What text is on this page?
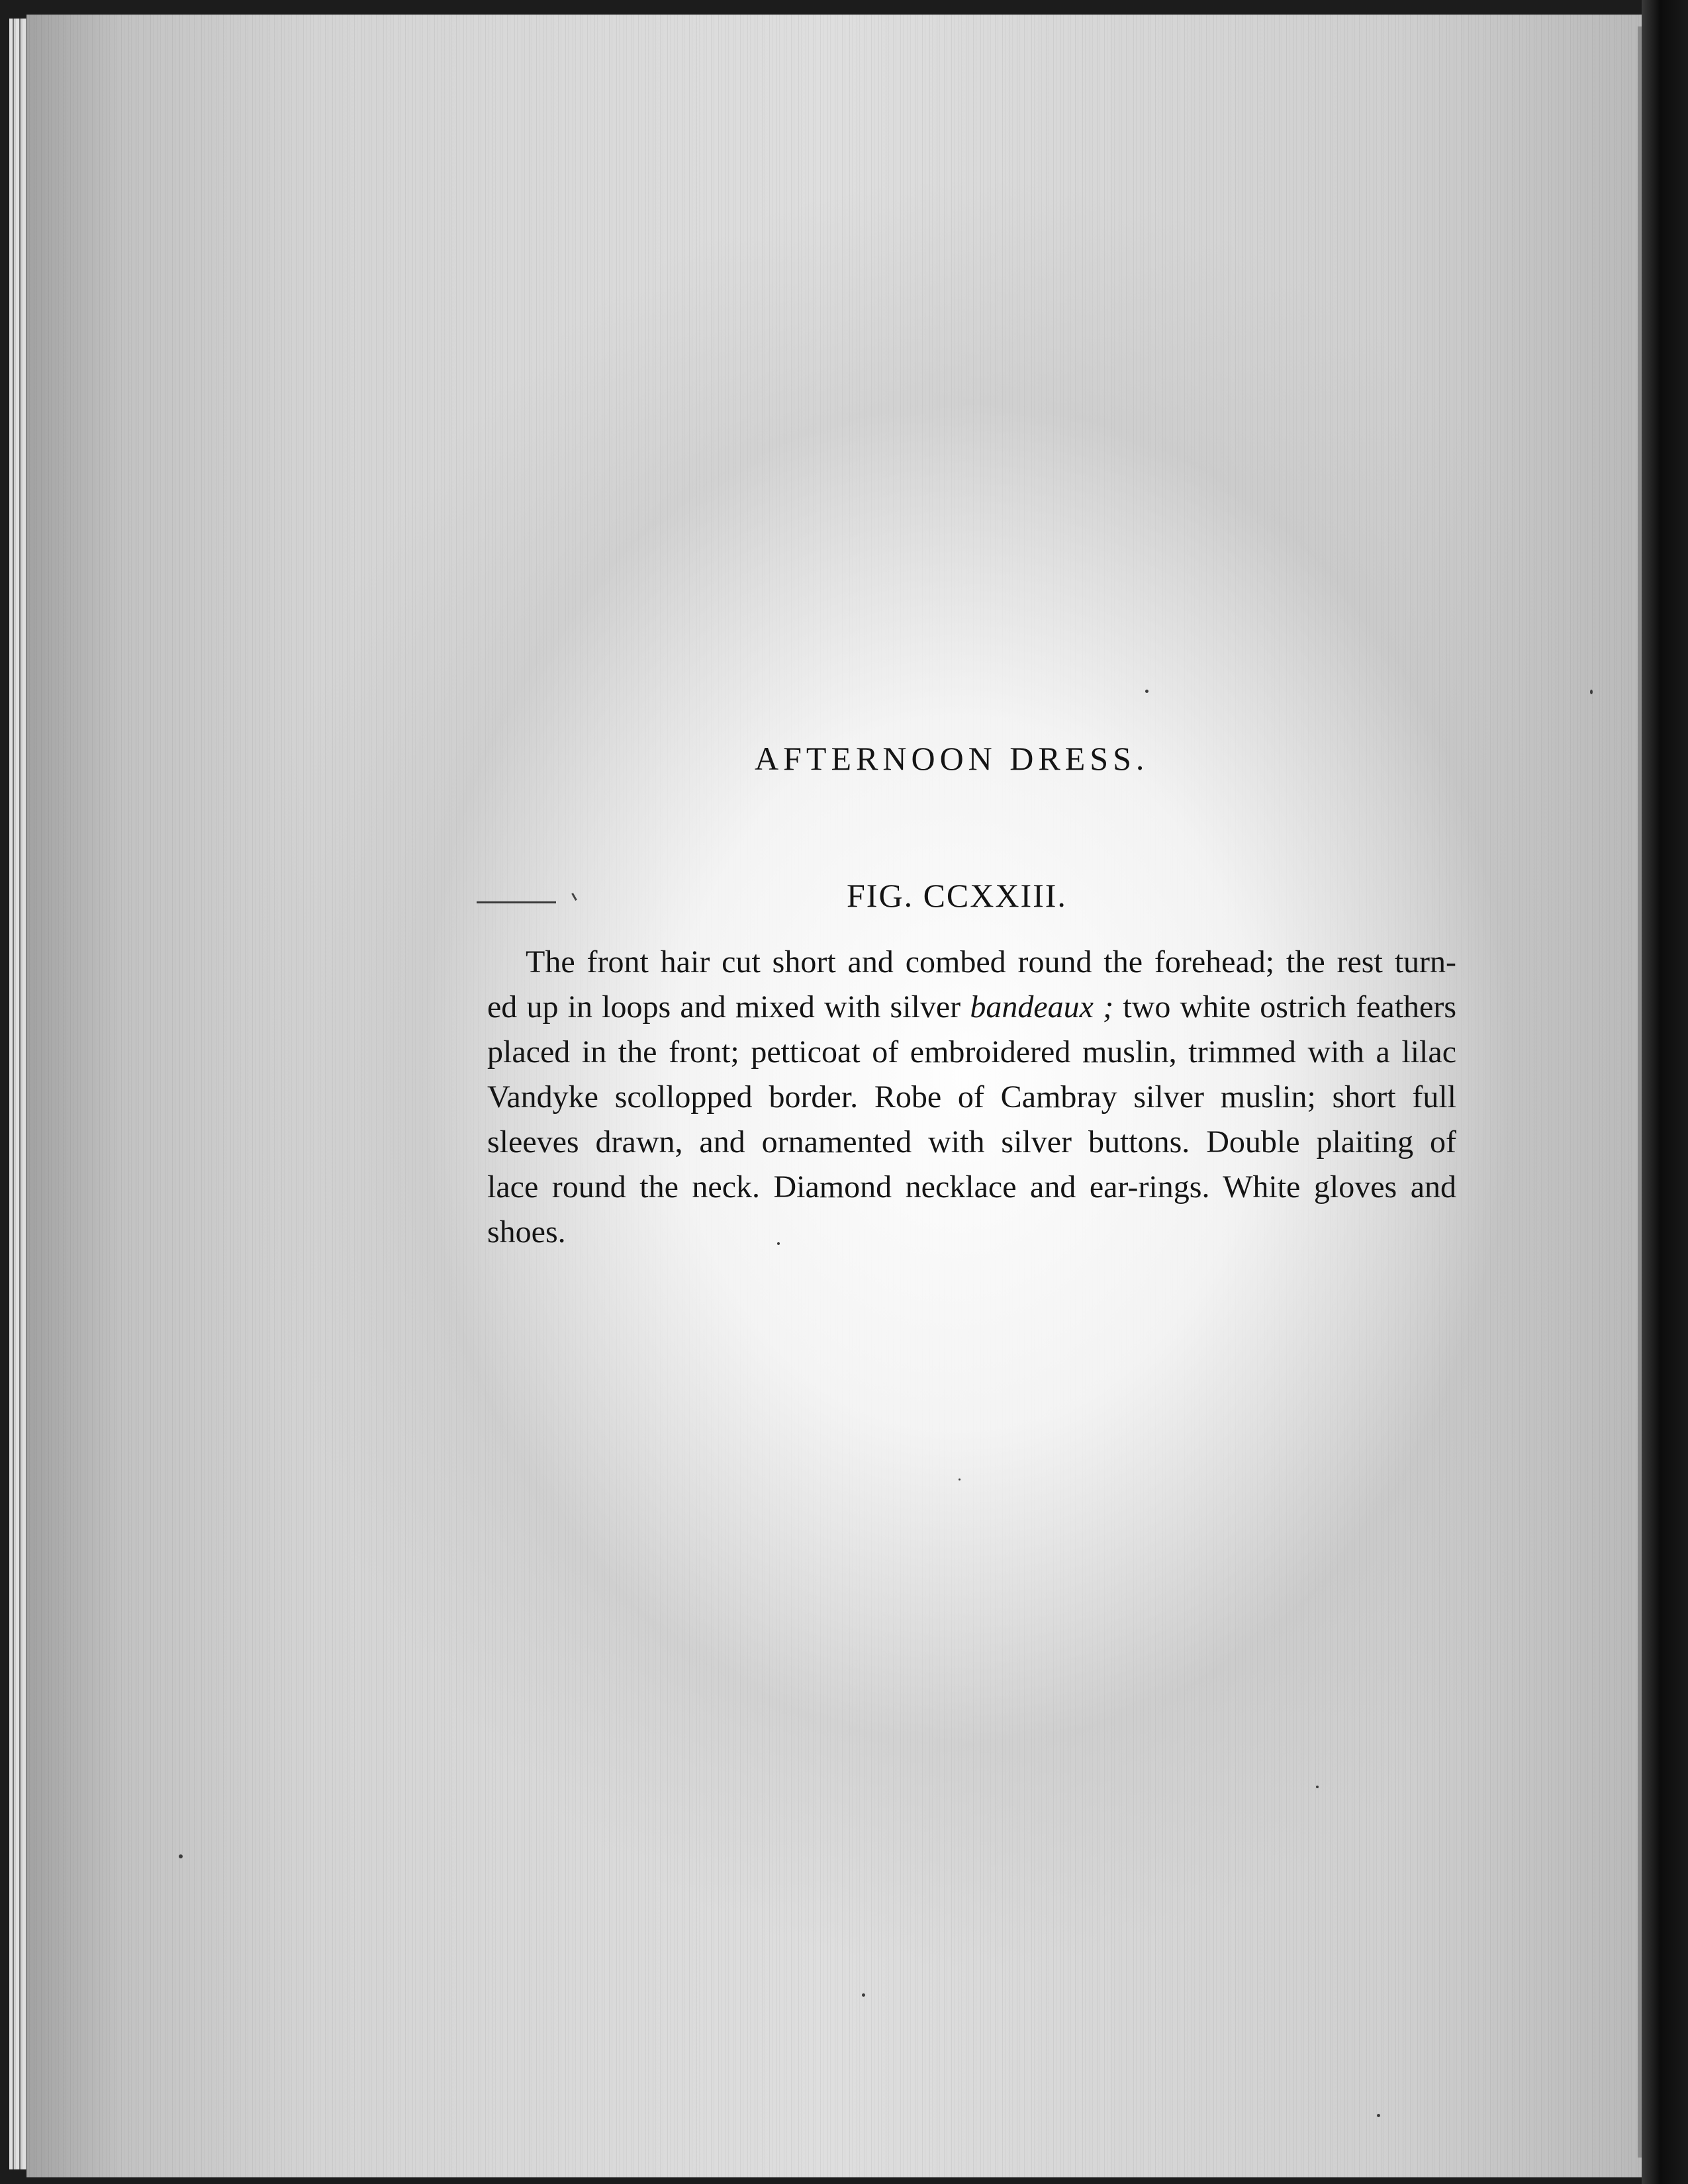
AFTERNOON DRESS.
FIG. CCXXIII.

The front hair cut short and combed round the forehead; the rest turn-
ed up in loops and mixed with silver bandeaux ; two white ostrich feathers
placed in the front; petticoat of embroidered muslin, trimmed with a lilac
Vandyke scollopped border. Robe of Cambray silver muslin; short full
sleeves drawn, and ornamented with silver buttons. Double plaiting of
lace round the neck. Diamond necklace and ear-rings. White gloves and
shoes.
